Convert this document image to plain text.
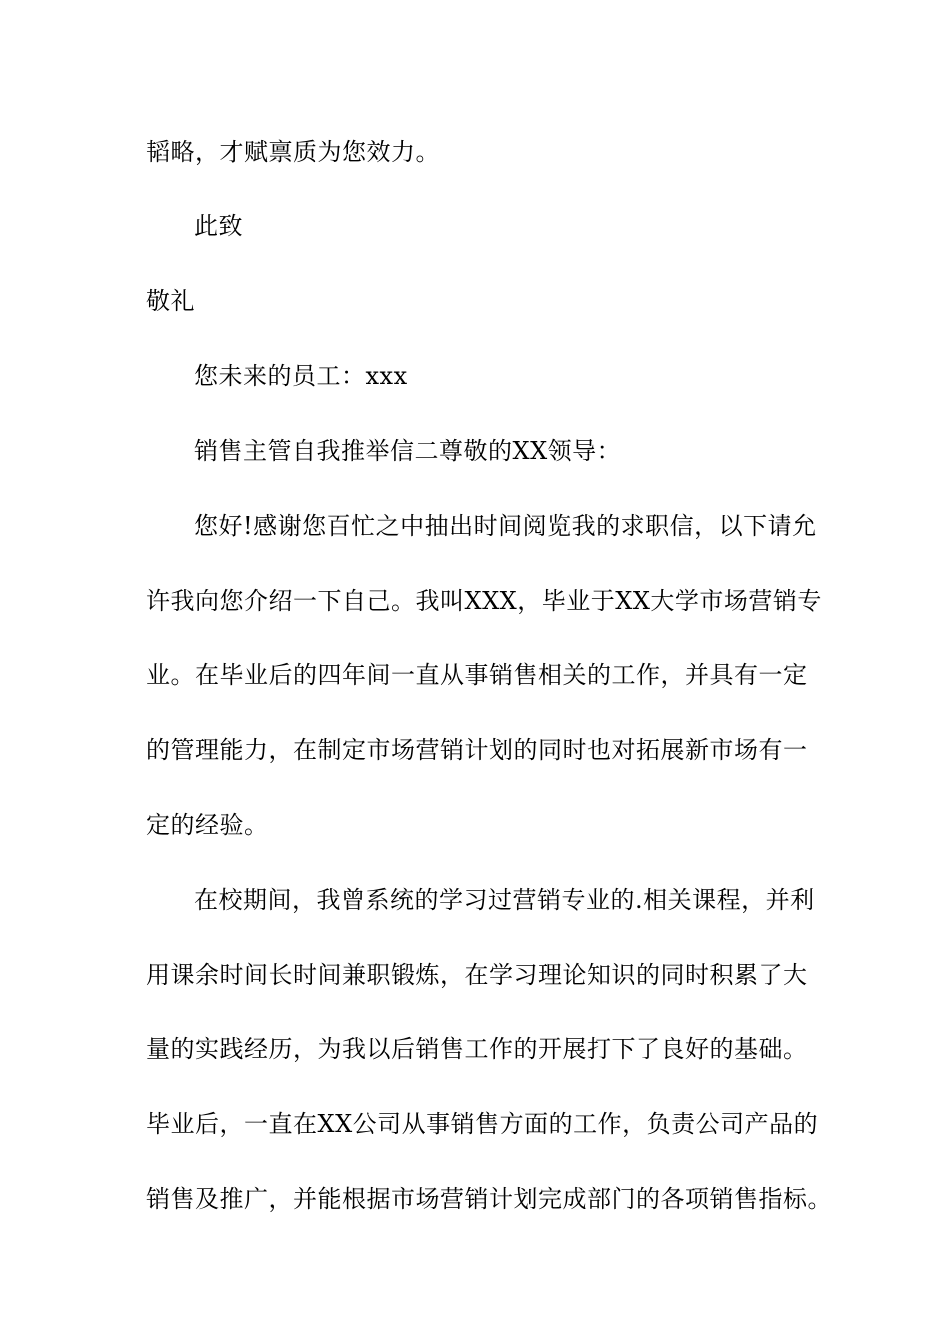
韬略，才赋禀质为您效力。
此致
敬礼
您未来的员工：xxx
销售主管自我推举信二尊敬的XX领导：
您好!感谢您百忙之中抽出时间阅览我的求职信，以下请允
许我向您介绍一下自己。我叫XXX，毕业于XX大学市场营销专
业。在毕业后的四年间一直从事销售相关的工作，并具有一定
的管理能力，在制定市场营销计划的同时也对拓展新市场有一
定的经验。
在校期间，我曾系统的学习过营销专业的.相关课程，并利
用课余时间长时间兼职锻炼，在学习理论知识的同时积累了大
量的实践经历，为我以后销售工作的开展打下了良好的基础。
毕业后，一直在XX公司从事销售方面的工作，负责公司产品的
销售及推广，并能根据市场营销计划完成部门的各项销售指标。
